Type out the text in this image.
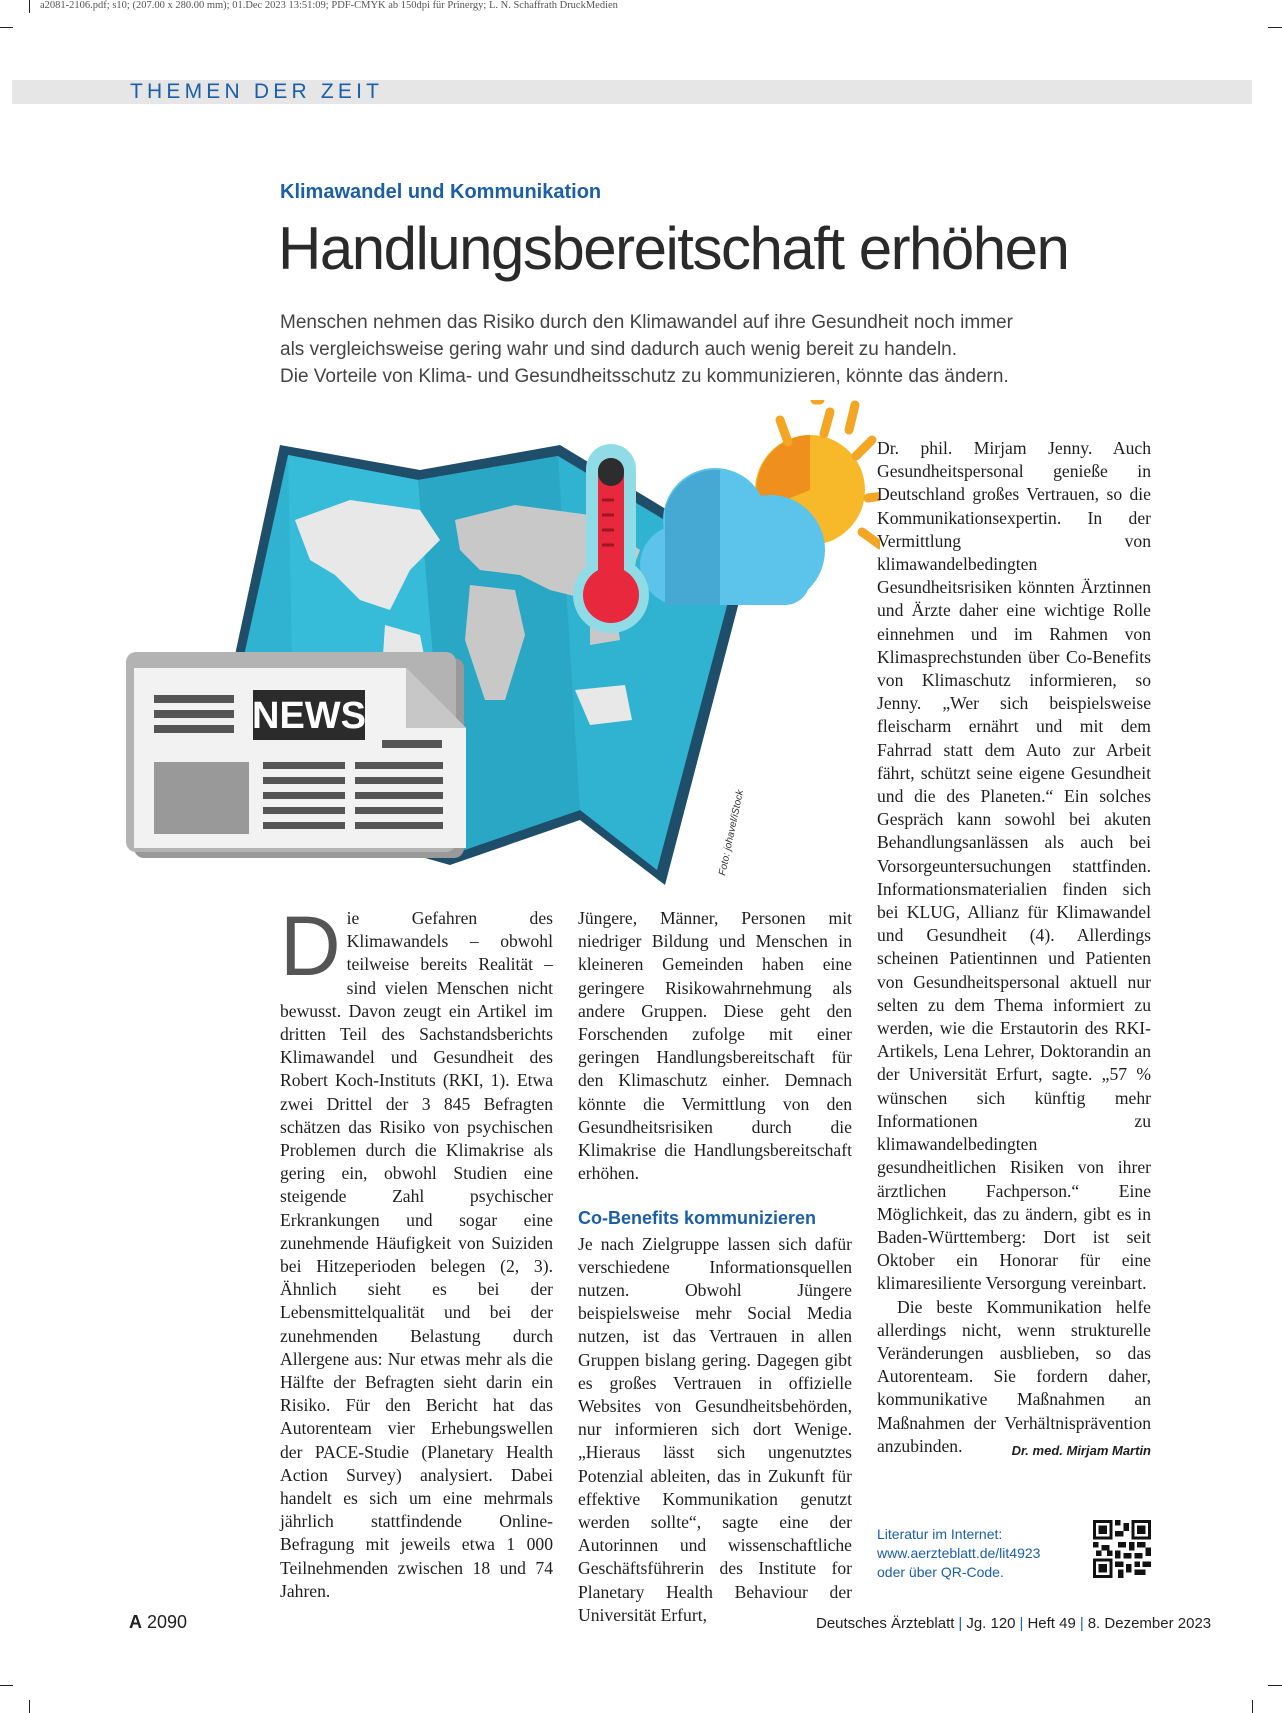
a2081-2106.pdf; s10; (207.00 x 280.00 mm); 01.Dec 2023 13:51:09; PDF-CMYK ab 150dpi für Prinergy; L. N. Schaffrath DruckMedien
THEMEN DER ZEIT
Klimawandel und Kommunikation
Handlungsbereitschaft erhöhen

Menschen nehmen das Risiko durch den Klimawandel auf ihre Gesundheit noch immer
als vergleichsweise gering wahr und sind dadurch auch wenig bereit zu handeln.
Die Vorteile von Klima- und Gesundheitsschutz zu kommunizieren, könnte das ändern.

NEWS
Foto: johavel/iStock

Die Gefahren des Klimawandels – obwohl teilweise bereits Realität – sind vielen Menschen nicht bewusst. Davon zeugt ein Artikel im dritten Teil des Sachstandsberichts Klimawandel und Gesundheit des Robert Koch-Instituts (RKI, 1). Etwa zwei Drittel der 3 845 Befragten schätzen das Risiko von psychischen Problemen durch die Klimakrise als gering ein, obwohl Studien eine steigende Zahl psychischer Erkrankungen und sogar eine zunehmende Häufigkeit von Suiziden bei Hitzeperioden belegen (2, 3). Ähnlich sieht es bei der Lebensmittelqualität und bei der zunehmenden Belastung durch Allergene aus: Nur etwas mehr als die Hälfte der Befragten sieht darin ein Risiko. Für den Bericht hat das Autorenteam vier Erhebungswellen der PACE-Studie (Planetary Health Action Survey) analysiert. Dabei handelt es sich um eine mehrmals jährlich stattfindende Online-Befragung mit jeweils etwa 1 000 Teilnehmenden zwischen 18 und 74 Jahren.

Jüngere, Männer, Personen mit niedriger Bildung und Menschen in kleineren Gemeinden haben eine geringere Risikowahrnehmung als andere Gruppen. Diese geht den Forschenden zufolge mit einer geringen Handlungsbereitschaft für den Klimaschutz einher. Demnach könnte die Vermittlung von den Gesundheitsrisiken durch die Klimakrise die Handlungsbereitschaft erhöhen.

Co-Benefits kommunizieren

Je nach Zielgruppe lassen sich dafür verschiedene Informationsquellen nutzen. Obwohl Jüngere beispielsweise mehr Social Media nutzen, ist das Vertrauen in allen Gruppen bislang gering. Dagegen gibt es großes Vertrauen in offizielle Websites von Gesundheitsbehörden, nur informieren sich dort Wenige. „Hieraus lässt sich ungenutztes Potenzial ableiten, das in Zukunft für effektive Kommunikation genutzt werden sollte“, sagte eine der Autorinnen und wissenschaftliche Geschäftsführerin des Institute for Planetary Health Behaviour der Universität Erfurt,

Dr. phil. Mirjam Jenny. Auch Gesundheitspersonal genieße in Deutschland großes Vertrauen, so die Kommunikationsexpertin. In der Vermittlung von klimawandelbedingten Gesundheitsrisiken könnten Ärztinnen und Ärzte daher eine wichtige Rolle einnehmen und im Rahmen von Klimasprechstunden über Co-Benefits von Klimaschutz informieren, so Jenny. „Wer sich beispielsweise fleischarm ernährt und mit dem Fahrrad statt dem Auto zur Arbeit fährt, schützt seine eigene Gesundheit und die des Planeten.“ Ein solches Gespräch kann sowohl bei akuten Behandlungsanlässen als auch bei Vorsorgeuntersuchungen stattfinden. Informationsmaterialien finden sich bei KLUG, Allianz für Klimawandel und Gesundheit (4). Allerdings scheinen Patientinnen und Patienten von Gesundheitspersonal aktuell nur selten zu dem Thema informiert zu werden, wie die Erstautorin des RKI-Artikels, Lena Lehrer, Doktorandin an der Universität Erfurt, sagte. „57 % wünschen sich künftig mehr Informationen zu klimawandelbedingten gesundheitlichen Risiken von ihrer ärztlichen Fachperson.“ Eine Möglichkeit, das zu ändern, gibt es in Baden-Württemberg: Dort ist seit Oktober ein Honorar für eine klimaresiliente Versorgung vereinbart.

Die beste Kommunikation helfe allerdings nicht, wenn strukturelle Veränderungen ausblieben, so das Autorenteam. Sie fordern daher, kommunikative Maßnahmen an Maßnahmen der Verhältnisprävention anzubinden.	Dr. med. Mirjam Martin

Literatur im Internet:
www.aerzteblatt.de/lit4923
oder über QR-Code.
A 2090	Deutsches Ärzteblatt | Jg. 120 | Heft 49 | 8. Dezember 2023
